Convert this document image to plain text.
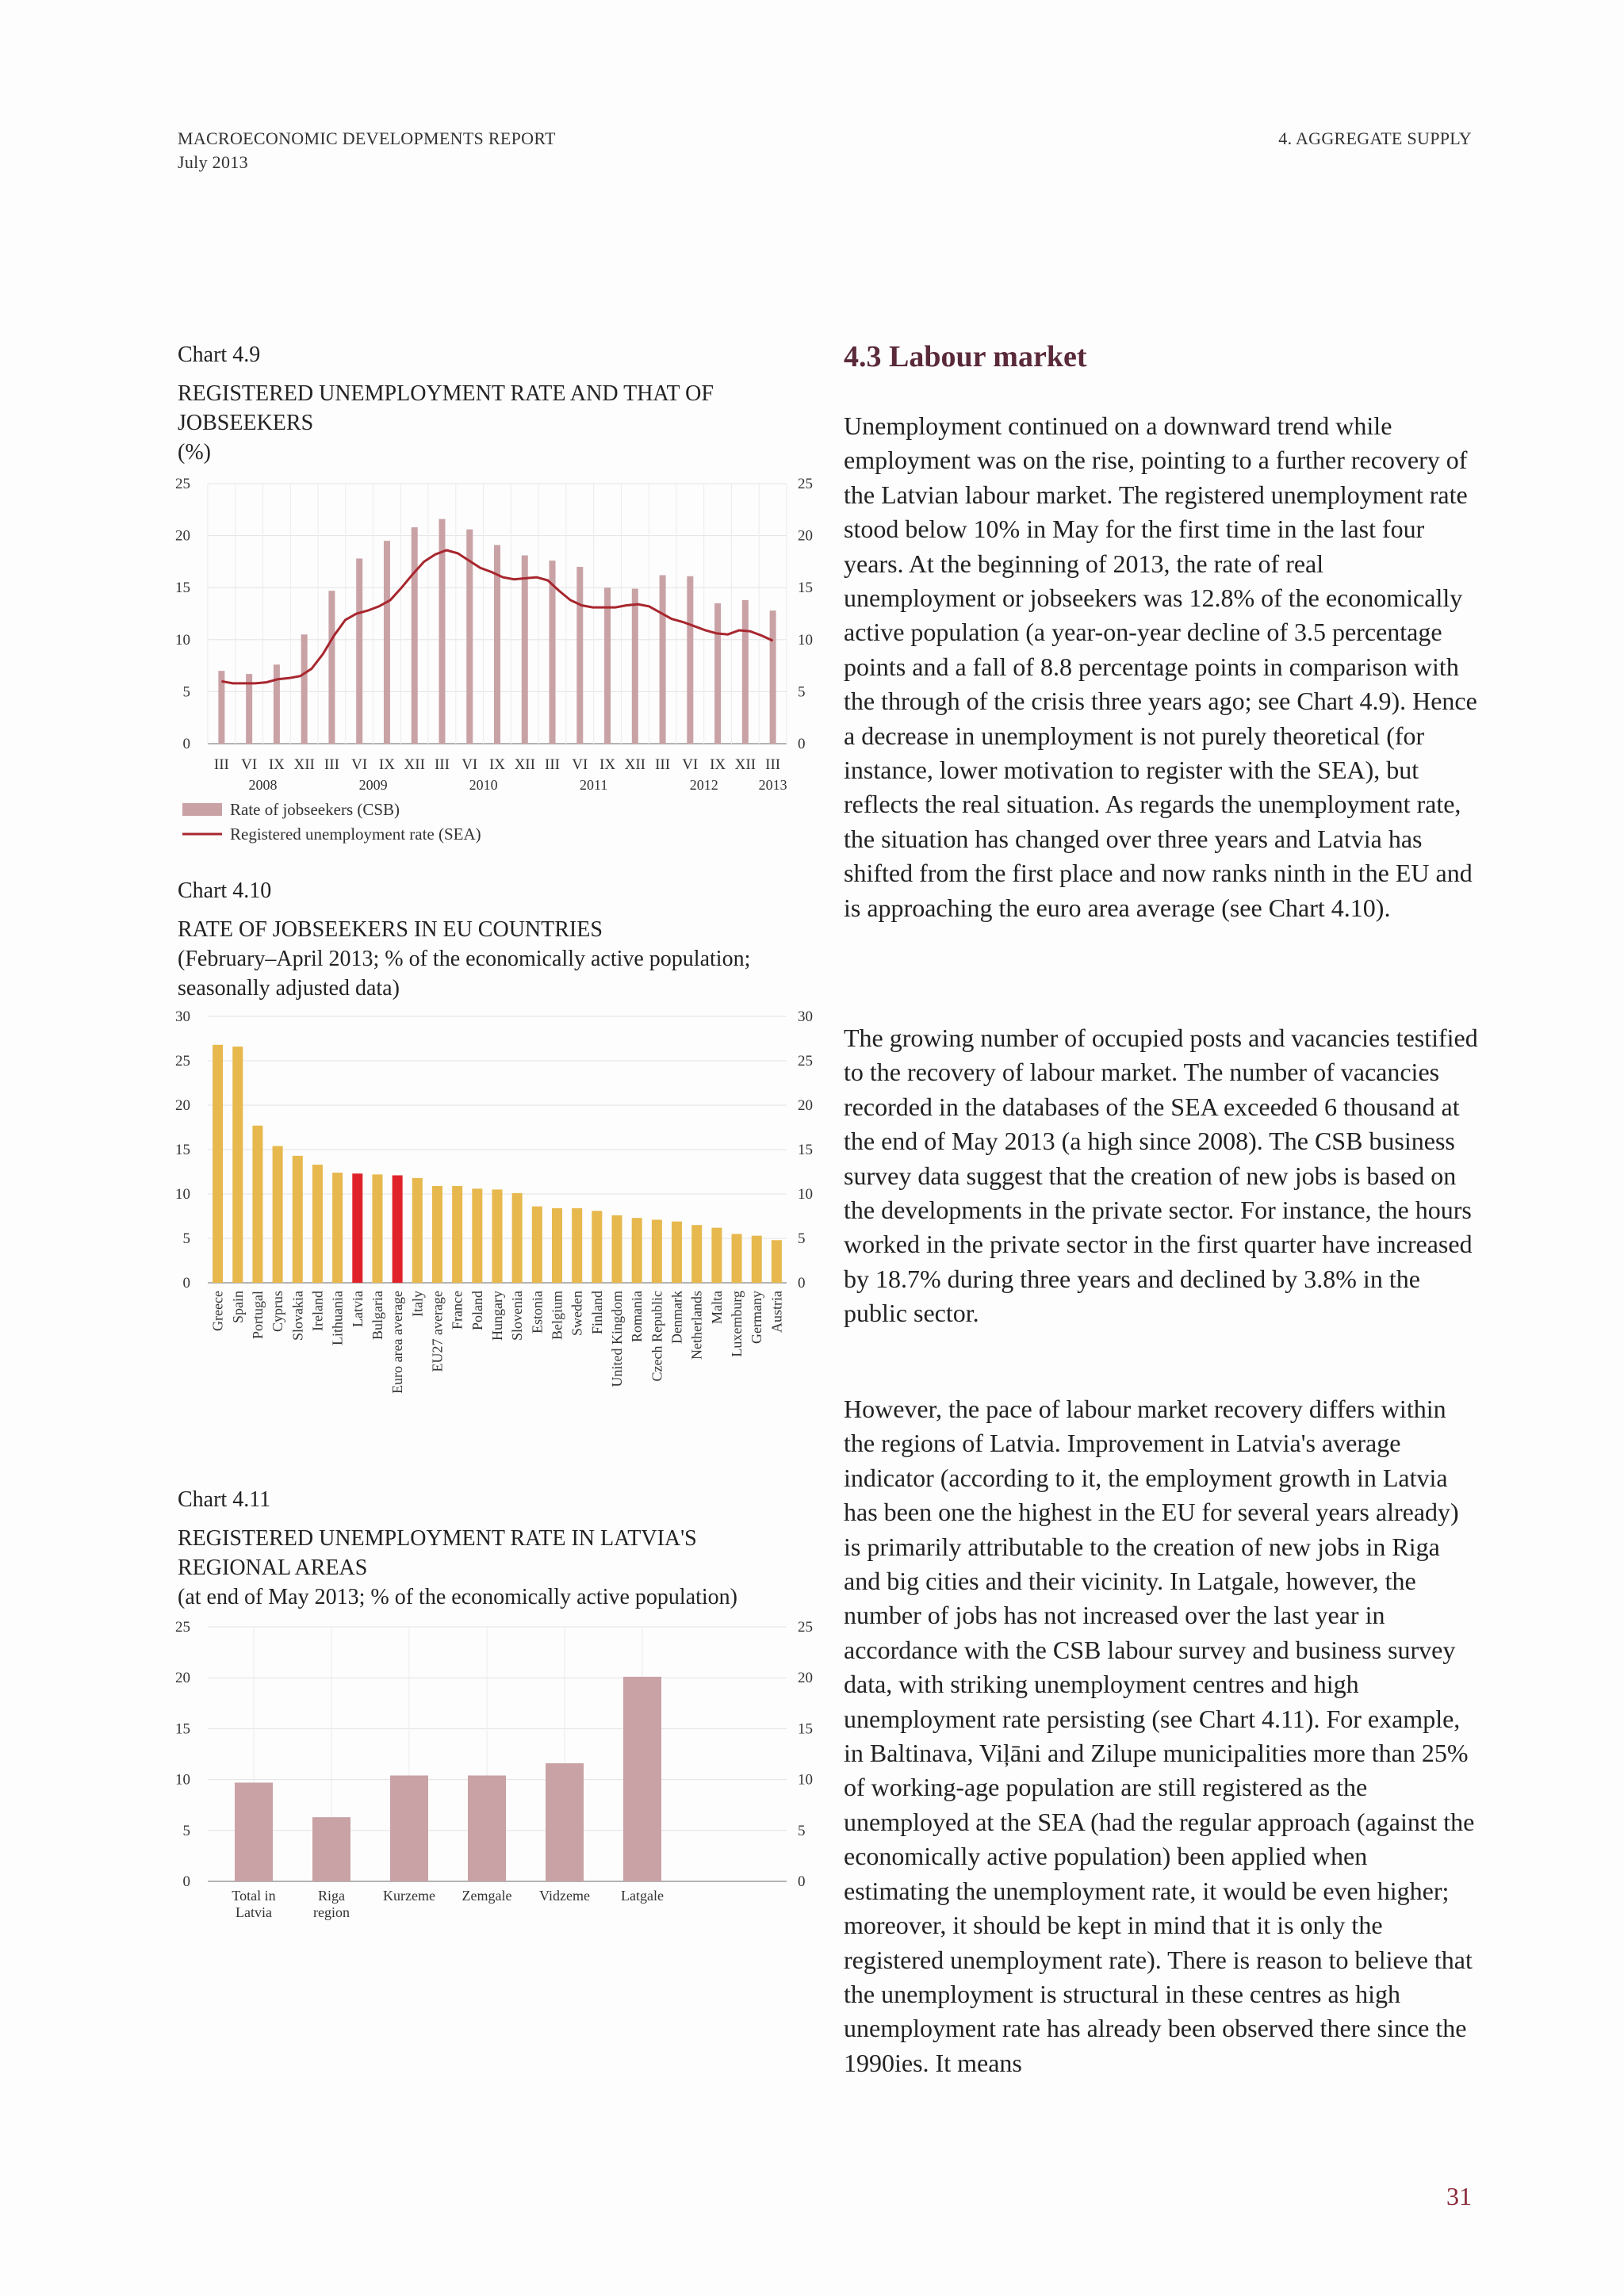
MACROECONOMIC DEVELOPMENTS REPORT
July 2013
4. AGGREGATE SUPPLY
Chart 4.9
REGISTERED UNEMPLOYMENT RATE AND THAT OF JOBSEEKERS
(%)
0	0
5	5
10	10
15	15
20	20
25	25
III VI IX XII III VI IX XII III VI IX XII III VI IX XII III VI IX XII III
2008	2009	2010	2011	2012	2013
Rate of jobseekers (CSB)
Registered unemployment rate (SEA)
Chart 4.10
RATE OF JOBSEEKERS IN EU COUNTRIES
(February–April 2013; % of the economically active population; seasonally adjusted data)
0	0
5	5
10	10
15	15
20	20
25	25
30	30
Greece Spain Portugal Cyprus Slovakia Ireland Lithuania Latvia Bulgaria Euro area average Italy EU27 average France Poland Hungary Slovenia Estonia Belgium Sweden Finland United Kingdom Romania Czech Republic Denmark Netherlands Malta Luxemburg Germany Austria
Chart 4.11
REGISTERED UNEMPLOYMENT RATE IN LATVIA'S REGIONAL AREAS
(at end of May 2013; % of the economically active population)
0	0
5	5
10	10
15	15
20	20
25	25
Total in
Latvia
Riga
region
Kurzeme Zemgale Vidzeme Latgale
4.3 Labour market

Unemployment continued on a downward trend while employment was on the rise, pointing to a further recovery of the Latvian labour market. The registered unemployment rate stood below 10% in May for the first time in the last four years. At the beginning of 2013, the rate of real unemployment or jobseekers was 12.8% of the economically active population (a year-on-year decline of 3.5 percentage points and a fall of 8.8 percentage points in comparison with the through of the crisis three years ago; see Chart 4.9). Hence a decrease in unemployment is not purely theoretical (for instance, lower motivation to register with the SEA), but reflects the real situation. As regards the unemployment rate, the situation has changed over three years and Latvia has shifted from the first place and now ranks ninth in the EU and is approaching the euro area average (see Chart 4.10).

The growing number of occupied posts and vacancies testified to the recovery of labour market. The number of vacancies recorded in the databases of the SEA exceeded 6 thousand at the end of May 2013 (a high since 2008). The CSB business survey data suggest that the creation of new jobs is based on the developments in the private sector. For instance, the hours worked in the private sector in the first quarter have increased by 18.7% during three years and declined by 3.8% in the public sector.

However, the pace of labour market recovery differs within the regions of Latvia. Improvement in Latvia's average indicator (according to it, the employment growth in Latvia has been one the highest in the EU for several years already) is primarily attributable to the creation of new jobs in Riga and big cities and their vicinity. In Latgale, however, the number of jobs has not increased over the last year in accordance with the CSB labour survey and business survey data, with striking unemployment centres and high unemployment rate persisting (see Chart 4.11). For example, in Baltinava, Viļāni and Zilupe municipalities more than 25% of working-age population are still registered as the unemployed at the SEA (had the regular approach (against the economically active population) been applied when estimating the unemployment rate, it would be even higher; moreover, it should be kept in mind that it is only the registered unemployment rate). There is reason to believe that the unemployment is structural in these centres as high unemployment rate has already been observed there since the 1990ies. It means

31
